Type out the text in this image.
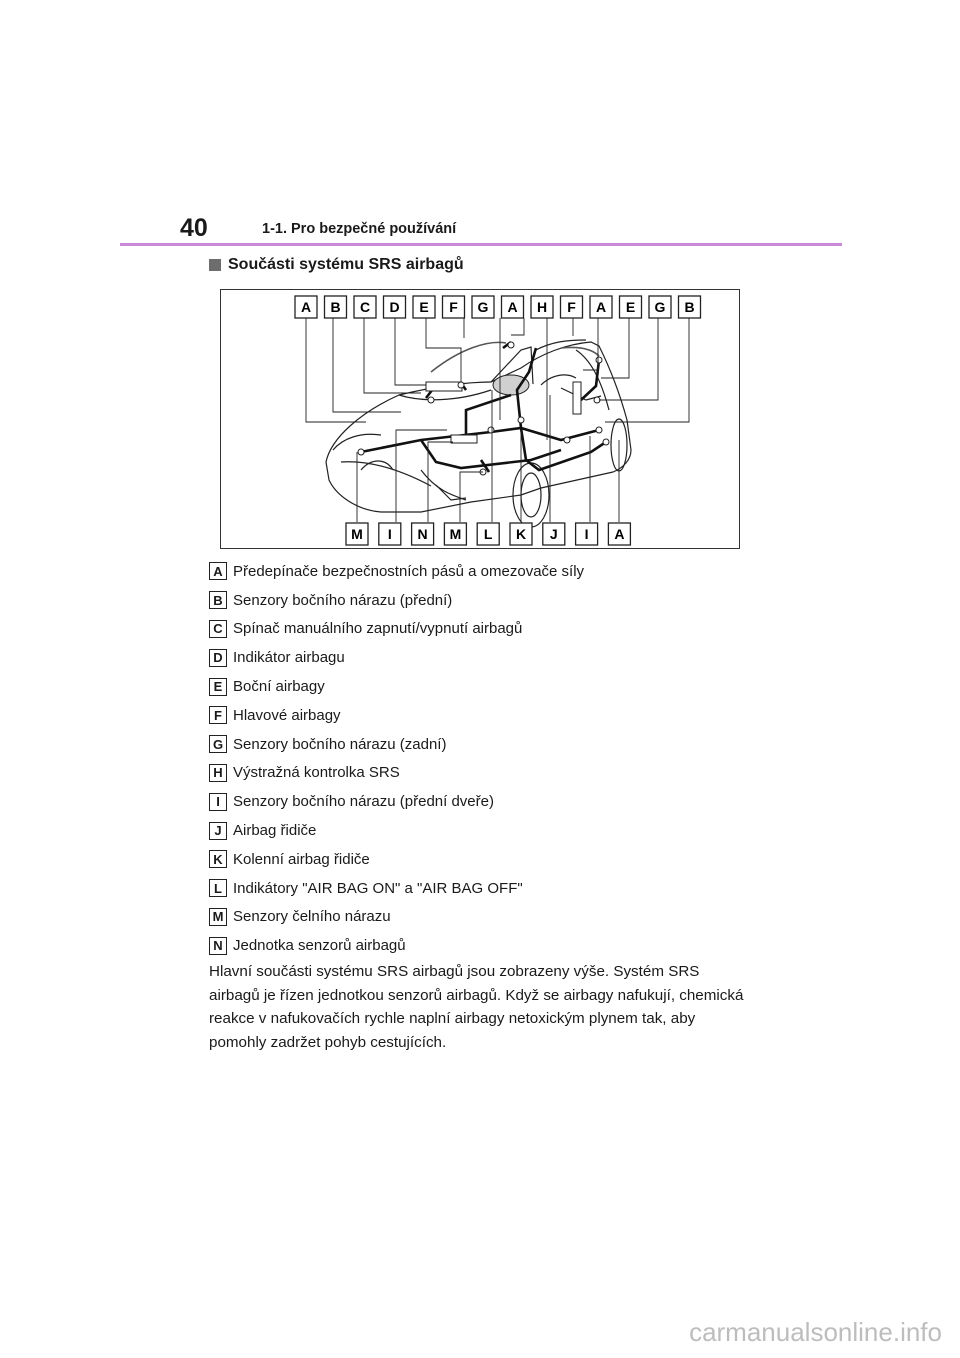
40	1-1. Pro bezpečné používání
Součásti systému SRS airbagů
A B C D E F G A H F A E G B
M I N M L K J I A
A Předepínače bezpečnostních pásů a omezovače síly
B Senzory bočního nárazu (přední)
C Spínač manuálního zapnutí/vypnutí airbagů
D Indikátor airbagu
E Boční airbagy
F Hlavové airbagy
G Senzory bočního nárazu (zadní)
H Výstražná kontrolka SRS
I Senzory bočního nárazu (přední dveře)
J Airbag řidiče
K Kolenní airbag řidiče
L Indikátory "AIR BAG ON" a "AIR BAG OFF"
M Senzory čelního nárazu
N Jednotka senzorů airbagů
Hlavní součásti systému SRS airbagů jsou zobrazeny výše. Systém SRS airbagů je řízen jednotkou senzorů airbagů. Když se airbagy nafukují, chemická reakce v nafukovačích rychle naplní airbagy netoxickým plynem tak, aby pomohly zadržet pohyb cestujících.
carmanualsonline.info
